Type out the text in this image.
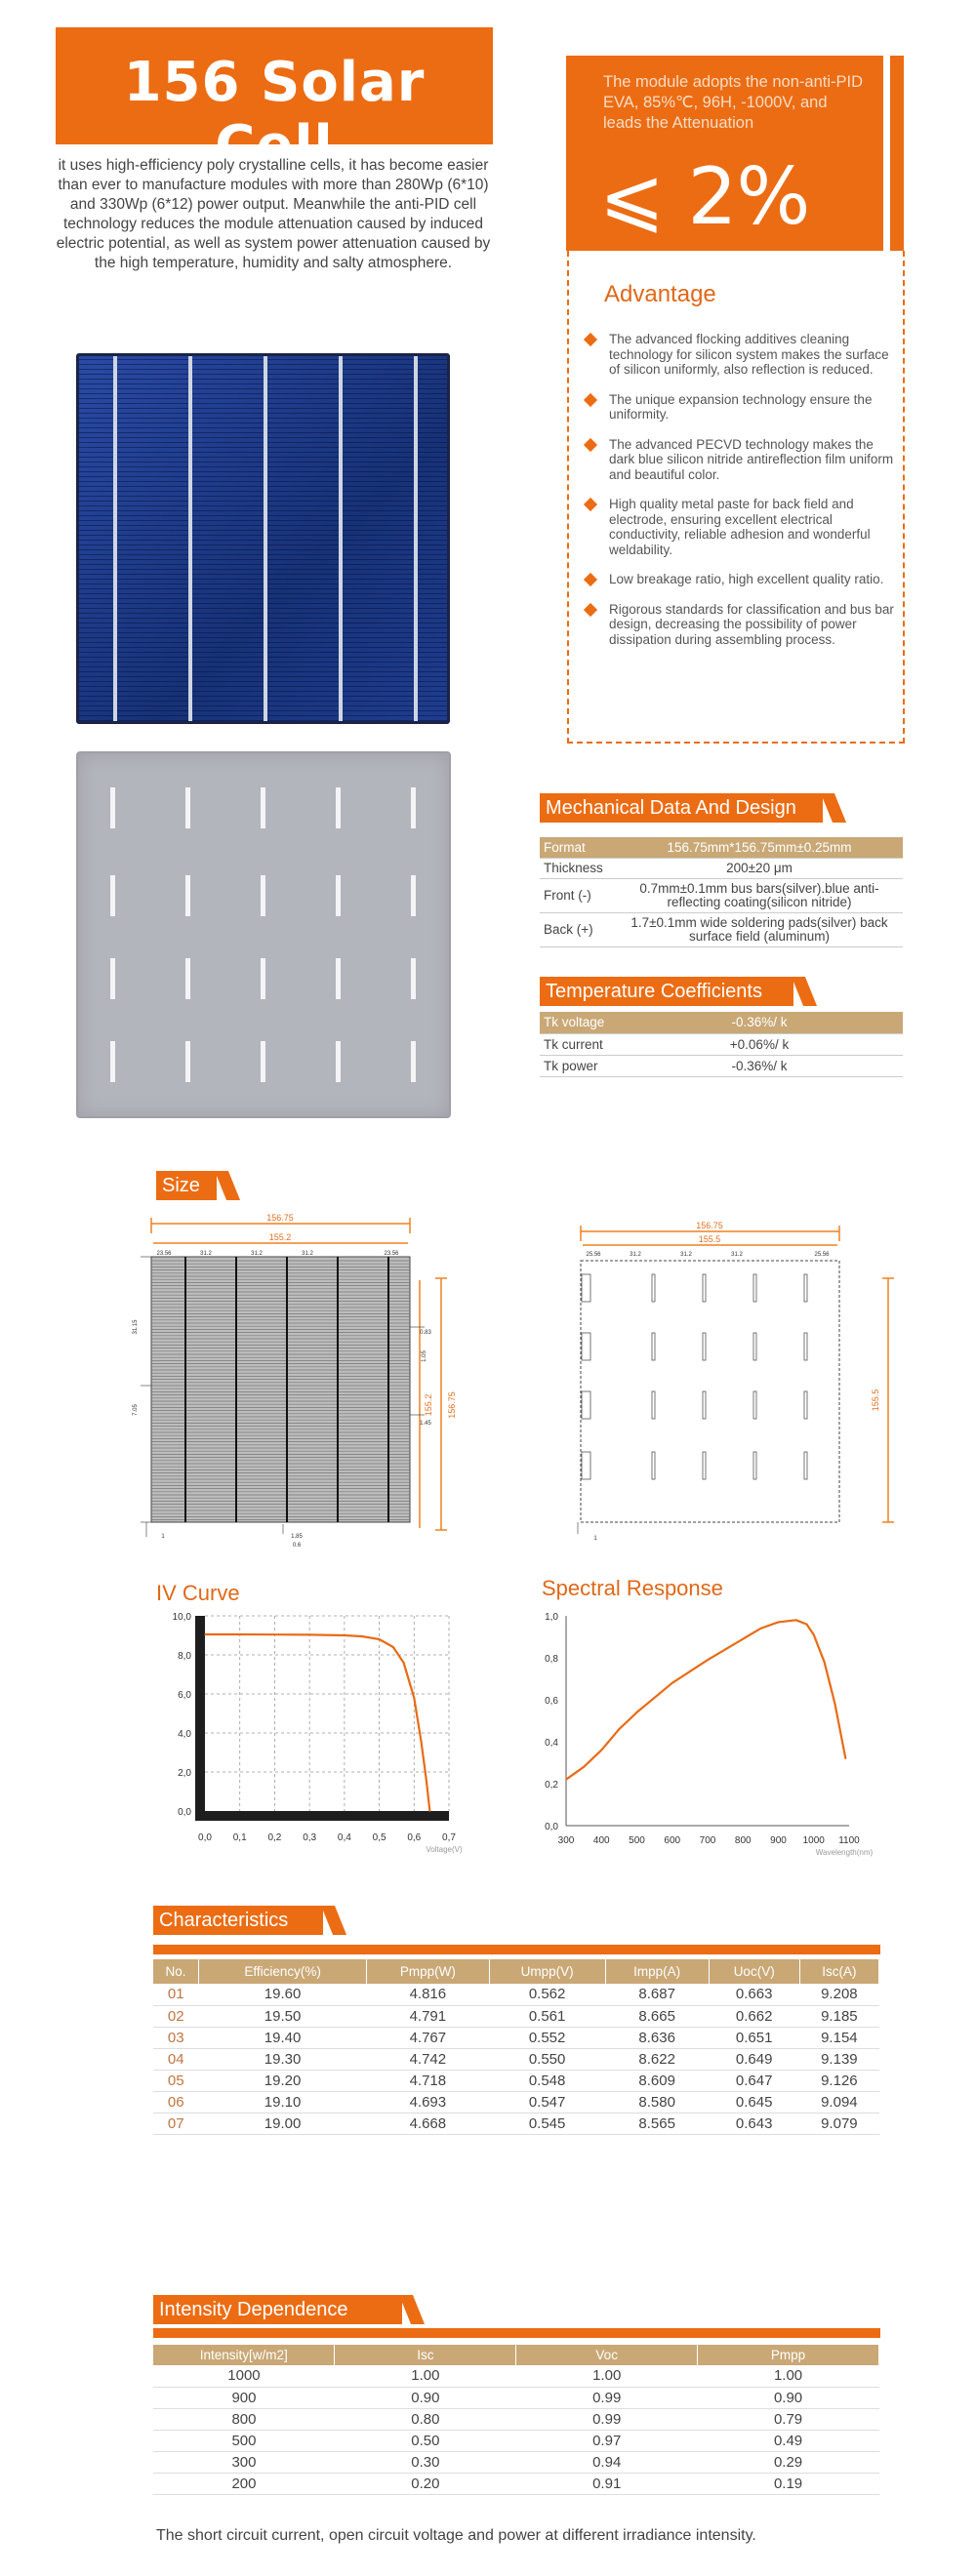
156 Solar Cell

it uses high-efficiency poly crystalline cells, it has become easier than ever to manufacture modules with more than 280Wp (6*10) and 330Wp (6*12) power output. Meanwhile the anti-PID cell technology reduces the module attenuation caused by induced electric potential, as well as system power attenuation caused by the high temperature, humidity and salty atmosphere.

The module adopts the non-anti-PID EVA, 85%℃, 96H, -1000V, and leads the Attenuation

⩽ 2%
Advantage
The advanced flocking additives cleaning technology for silicon system makes the surface of silicon uniformly, also reflection is reduced.
The unique expansion technology ensure the uniformity.
The advanced PECVD technology makes the dark blue silicon nitride antireflection film uniform and beautiful color.
High quality metal paste for back field and electrode, ensuring excellent electrical conductivity, reliable adhesion and wonderful weldability.
Low breakage ratio, high excellent quality ratio.
Rigorous standards for classification and bus bar design, decreasing the possibility of power dissipation during assembling process.
Mechanical Data And Design
Format	156.75mm*156.75mm±0.25mm
Thickness	200±20 μm
Front (-)	0.7mm±0.1mm bus bars(silver).blue anti-reflecting coating(silicon nitride)
Back (+)	1.7±0.1mm wide soldering pads(silver) back surface field (aluminum)
Temperature Coefficients
Tk voltage	-0.36%/ k
Tk current	+0.06%/ k
Tk power	-0.36%/ k
Size
156.75
155.2
156.75
155.2
23.56	31.2	31.2	31.2	23.56
31.15
7.05
0.83
1.05
1.45
1	1.85
0.6
156.75
155.5
155.5
25.56	31.2	31.2	31.2	25.56
1
IV Curve
0,0 0,1 0,2 0,3 0,4 0,5 0,6 0,7
10,0
8,0
6,0
4,0
2,0
0,0
Voltage(V)
Spectral Response
300 400 500 600 700 800 900 1000 1100
1,0
0,8
0,6
0,4
0,2
0,0
Wavelength(nm)
Characteristics
No.	Efficiency(%)	Pmpp(W)	Umpp(V)	Impp(A)	Uoc(V)	Isc(A)
01	19.60	4.816	0.562	8.687	0.663	9.208
02	19.50	4.791	0.561	8.665	0.662	9.185
03	19.40	4.767	0.552	8.636	0.651	9.154
04	19.30	4.742	0.550	8.622	0.649	9.139
05	19.20	4.718	0.548	8.609	0.647	9.126
06	19.10	4.693	0.547	8.580	0.645	9.094
07	19.00	4.668	0.545	8.565	0.643	9.079
Intensity Dependence
Intensity[w/m2]	Isc	Voc	Pmpp
1000	1.00	1.00	1.00
900	0.90	0.99	0.90
800	0.80	0.99	0.79
500	0.50	0.97	0.49
300	0.30	0.94	0.29
200	0.20	0.91	0.19

The short circuit current, open circuit voltage and power at different irradiance intensity.
